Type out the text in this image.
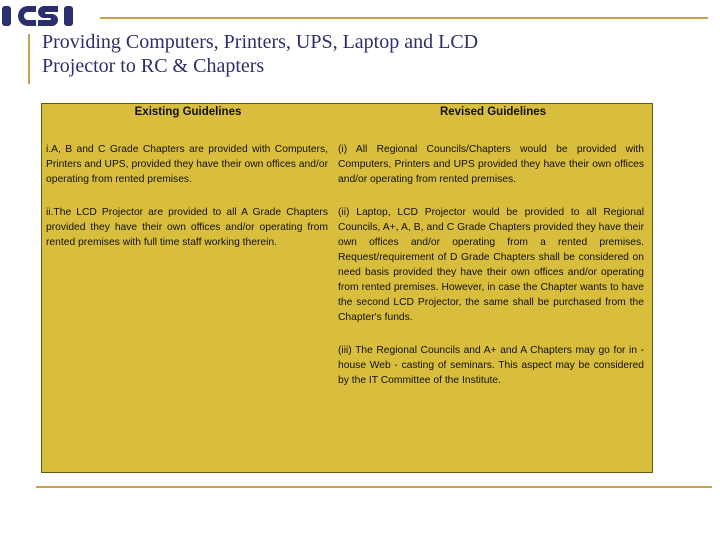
Providing Computers, Printers, UPS, Laptop and LCD
Projector to RC & Chapters
Existing Guidelines	Revised Guidelines

i.A, B and C Grade Chapters are provided with Computers, Printers and UPS, provided they have their own offices and/or operating from rented premises.

ii.The LCD Projector are provided to all A Grade Chapters provided they have their own offices and/or operating from rented premises with full time staff working therein.

(i) All Regional Councils/Chapters would be provided with Computers, Printers and UPS provided they have their own offices and/or operating from rented premises.

(ii) Laptop, LCD Projector would be provided to all Regional Councils, A+, A, B, and C Grade Chapters provided they have their own offices and/or operating from a rented premises. Request/requirement of D Grade Chapters shall be considered on need basis provided they have their own offices and/or operating from rented premises. However, in case the Chapter wants to have the second LCD Projector, the same shall be purchased from the Chapter's funds.

(iii) The Regional Councils and A+ and A Chapters may go for in - house Web - casting of seminars. This aspect may be considered by the IT Committee of the Institute.
